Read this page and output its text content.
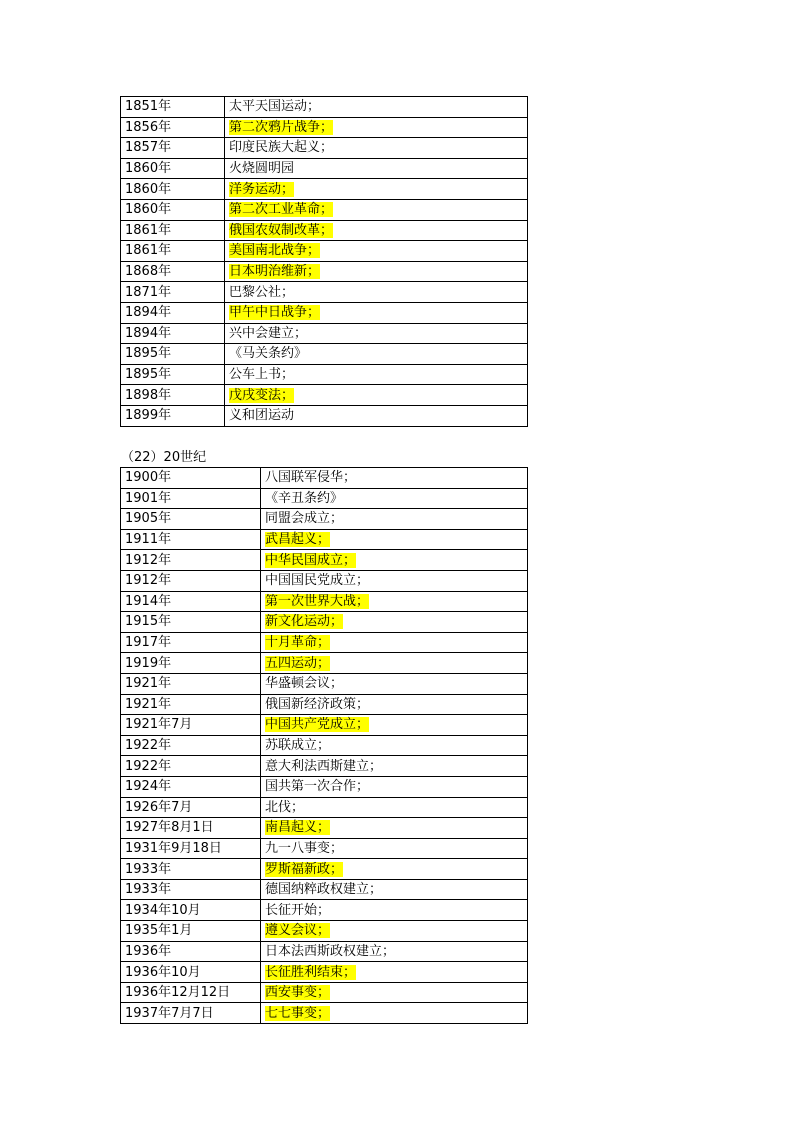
1851年	太平天国运动；
1856年	第二次鸦片战争；
1857年	印度民族大起义；
1860年	火烧圆明园
1860年	洋务运动；
1860年	第二次工业革命；
1861年	俄国农奴制改革；
1861年	美国南北战争；
1868年	日本明治维新；
1871年	巴黎公社；
1894年	甲午中日战争；
1894年	兴中会建立；
1895年	《马关条约》
1895年	公车上书；
1898年	戊戌变法；
1899年	义和团运动
（22）20世纪
1900年	八国联军侵华；
1901年	《辛丑条约》
1905年	同盟会成立；
1911年	武昌起义；
1912年	中华民国成立；
1912年	中国国民党成立；
1914年	第一次世界大战；
1915年	新文化运动；
1917年	十月革命；
1919年	五四运动；
1921年	华盛顿会议；
1921年	俄国新经济政策；
1921年7月	中国共产党成立；
1922年	苏联成立；
1922年	意大利法西斯建立；
1924年	国共第一次合作；
1926年7月	北伐；
1927年8月1日	南昌起义；
1931年9月18日	九一八事变；
1933年	罗斯福新政；
1933年	德国纳粹政权建立；
1934年10月	长征开始；
1935年1月	遵义会议；
1936年	日本法西斯政权建立；
1936年10月	长征胜利结束；
1936年12月12日	西安事变；
1937年7月7日	七七事变；
